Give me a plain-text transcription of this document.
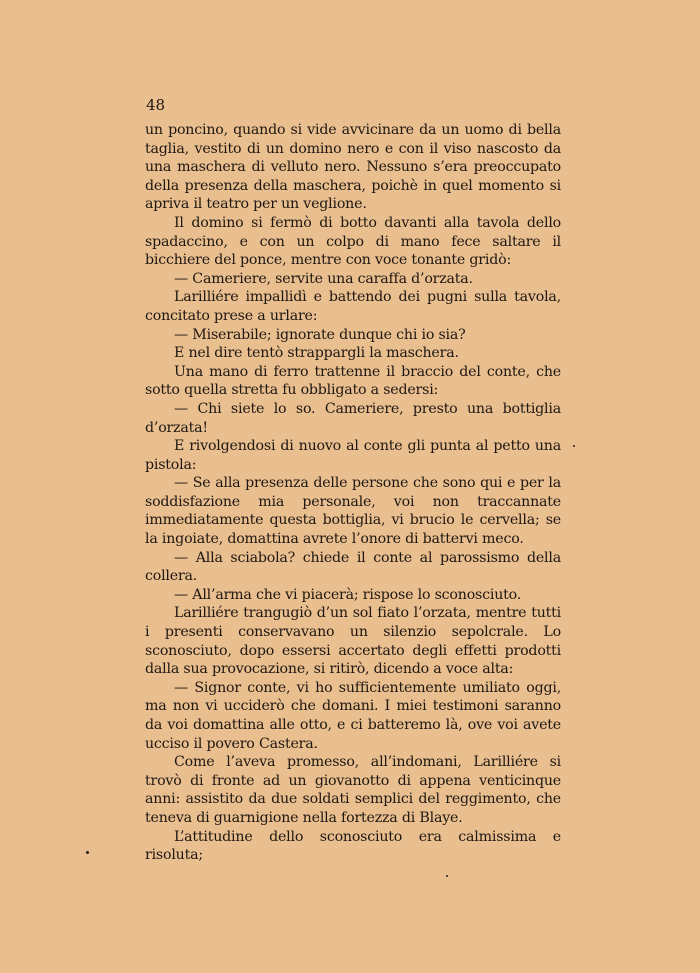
48

un poncino, quando si vide avvicinare da un uomo di bella taglia, vestito di un domino nero e con il viso nascosto da una maschera di velluto nero. Nessuno s’era preoccupato della presenza della maschera, poichè in quel momento si apriva il teatro per un veglione.

Il domino si fermò di botto davanti alla tavola dello spadaccino, e con un colpo di mano fece saltare il bicchiere del ponce, mentre con voce tonante gridò:

— Cameriere, servite una caraffa d’orzata.

Larilliére impallidì e battendo dei pugni sulla tavola, concitato prese a urlare:

— Miserabile; ignorate dunque chi io sia?

E nel dire tentò strappargli la maschera.

Una mano di ferro trattenne il braccio del conte, che sotto quella stretta fu obbligato a sedersi:

— Chi siete lo so. Cameriere, presto una bottiglia d’orzata!

E rivolgendosi di nuovo al conte gli punta al petto una pistola:

— Se alla presenza delle persone che sono qui e per la soddisfazione mia personale, voi non traccannate immediatamente questa bottiglia, vi brucio le cervella; se la ingoiate, domattina avrete l’onore di battervi meco.

— Alla sciabola? chiede il conte al parossismo della collera.

— All’arma che vi piacerà; rispose lo sconosciuto.

Larilliére trangugiò d’un sol fiato l’orzata, mentre tutti i presenti conservavano un silenzio sepolcrale. Lo sconosciuto, dopo essersi accertato degli effetti prodotti dalla sua provocazione, si ritirò, dicendo a voce alta:

— Signor conte, vi ho sufficientemente umiliato oggi, ma non vi ucciderò che domani. I miei testimoni saranno da voi domattina alle otto, e ci batteremo là, ove voi avete ucciso il povero Castera.

Come l’aveva promesso, all’indomani, Larilliére si trovò di fronte ad un giovanotto di appena venticinque anni: assistito da due soldati semplici del reggimento, che teneva di guarnigione nella fortezza di Blaye.

L’attitudine dello sconosciuto era calmissima e risoluta;
